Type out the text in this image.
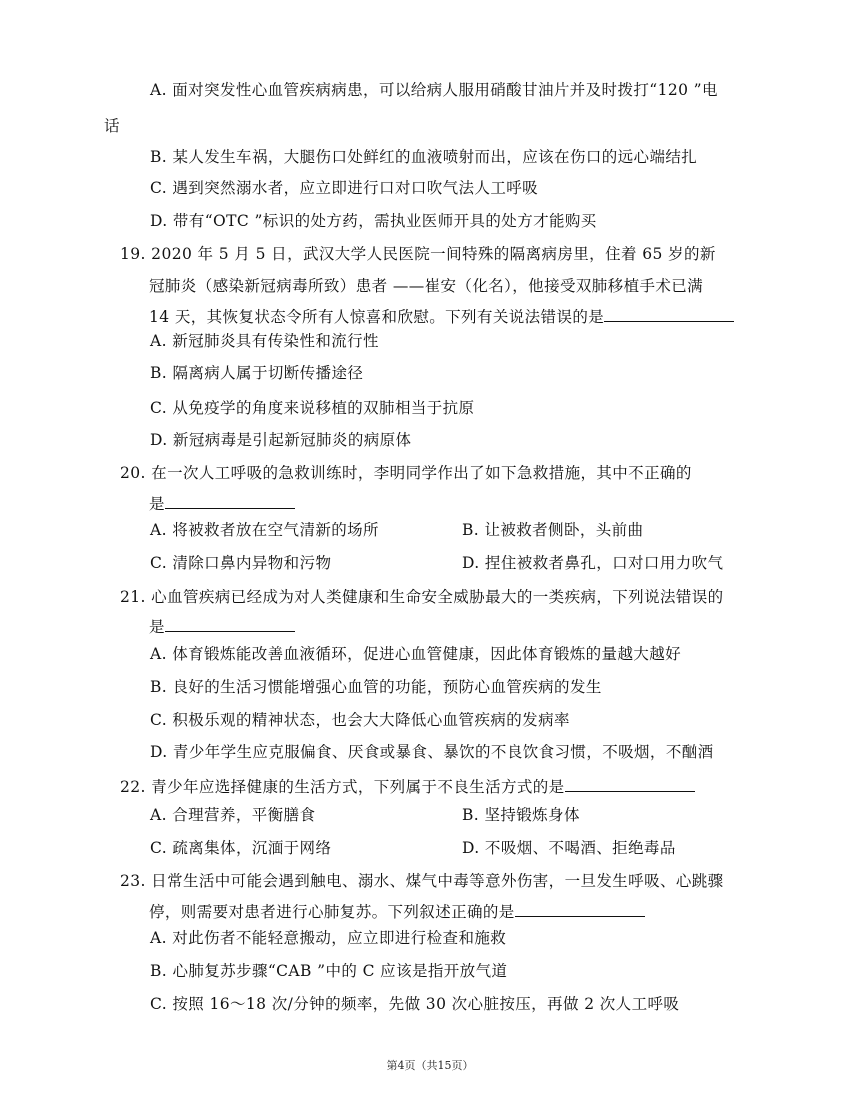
A. 面对突发性心血管疾病病患，可以给病人服用硝酸甘油片并及时拨打“120 ”电
话
B. 某人发生车祸，大腿伤口处鲜红的血液喷射而出，应该在伤口的远心端结扎
C. 遇到突然溺水者，应立即进行口对口吹气法人工呼吸
D. 带有“OTC ”标识的处方药，需执业医师开具的处方才能购买
19. 2020 年 5 月 5 日，武汉大学人民医院一间特殊的隔离病房里，住着 65 岁的新
冠肺炎（感染新冠病毒所致）患者 ——崔安（化名），他接受双肺移植手术已满
14 天，其恢复状态令所有人惊喜和欣慰。下列有关说法错误的是
A. 新冠肺炎具有传染性和流行性
B. 隔离病人属于切断传播途径
C. 从免疫学的角度来说移植的双肺相当于抗原
D. 新冠病毒是引起新冠肺炎的病原体
20. 在一次人工呼吸的急救训练时，李明同学作出了如下急救措施，其中不正确的
是
A. 将被救者放在空气清新的场所	B. 让被救者侧卧，头前曲
C. 清除口鼻内异物和污物	D. 捏住被救者鼻孔，口对口用力吹气
21. 心血管疾病已经成为对人类健康和生命安全威胁最大的一类疾病，下列说法错误的
是
A. 体育锻炼能改善血液循环，促进心血管健康，因此体育锻炼的量越大越好
B. 良好的生活习惯能增强心血管的功能，预防心血管疾病的发生
C. 积极乐观的精神状态，也会大大降低心血管疾病的发病率
D. 青少年学生应克服偏食、厌食或暴食、暴饮的不良饮食习惯，不吸烟，不酗酒
22. 青少年应选择健康的生活方式，下列属于不良生活方式的是
A. 合理营养，平衡膳食	B. 坚持锻炼身体
C. 疏离集体，沉湎于网络	D. 不吸烟、不喝酒、拒绝毒品
23. 日常生活中可能会遇到触电、溺水、煤气中毒等意外伤害，一旦发生呼吸、心跳骤
停，则需要对患者进行心肺复苏。下列叙述正确的是
A. 对此伤者不能轻意搬动，应立即进行检查和施救
B. 心肺复苏步骤“CAB ”中的 C 应该是指开放气道
C. 按照 16～18 次/分钟的频率，先做 30 次心脏按压，再做 2 次人工呼吸
第4页（共15页）
